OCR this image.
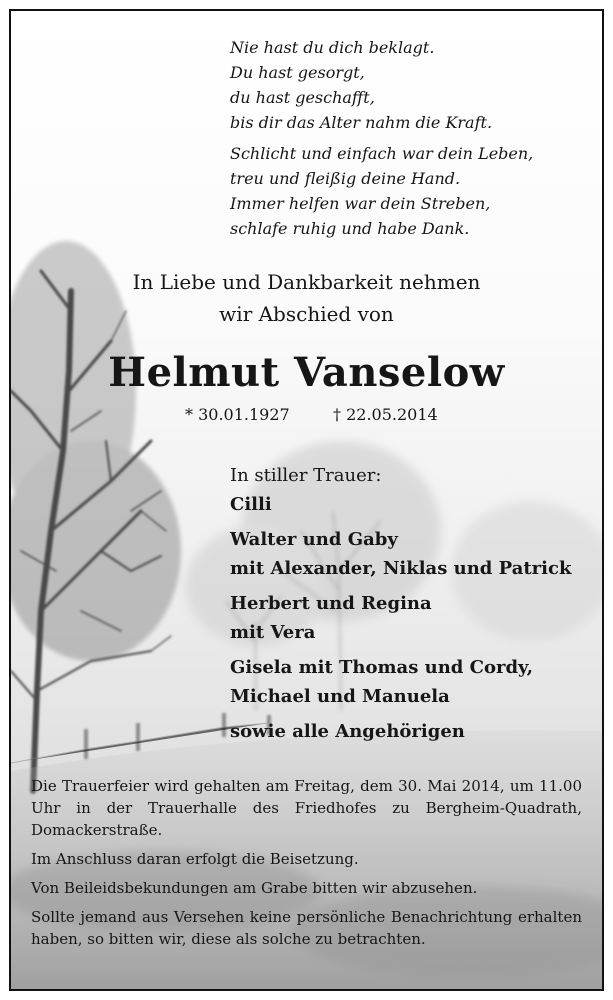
Nie hast du dich beklagt.
Du hast gesorgt,
du hast geschafft,
bis dir das Alter nahm die Kraft.
Schlicht und einfach war dein Leben,
treu und fleißig deine Hand.
Immer helfen war dein Streben,
schlafe ruhig und habe Dank.
In Liebe und Dankbarkeit nehmen
wir Abschied von
Helmut Vanselow
* 30.01.1927	† 22.05.2014
In stiller Trauer:
Cilli
Walter und Gaby
mit Alexander, Niklas und Patrick
Herbert und Regina
mit Vera
Gisela mit Thomas und Cordy,
Michael und Manuela
sowie alle Angehörigen

Die Trauerfeier wird gehalten am Freitag, dem 30. Mai 2014, um 11.00 Uhr in der Trauerhalle des Friedhofes zu Bergheim-Quadrath, Domackerstraße.

Im Anschluss daran erfolgt die Beisetzung.

Von Beileidsbekundungen am Grabe bitten wir abzusehen.

Sollte jemand aus Versehen keine persönliche Benachrichtung erhalten haben, so bitten wir, diese als solche zu betrachten.
